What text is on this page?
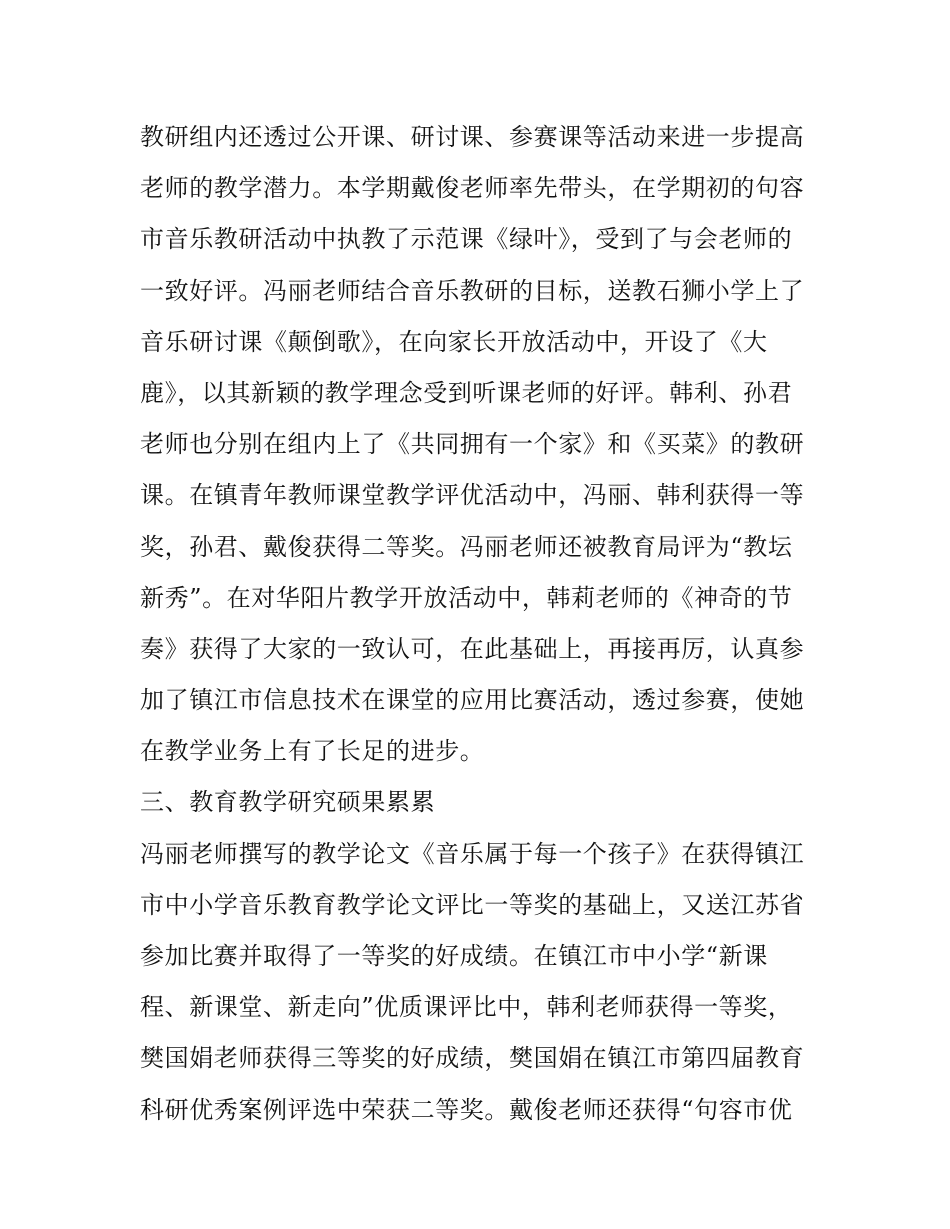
教研组内还透过公开课、研讨课、参赛课等活动来进一步提高
老师的教学潜力。本学期戴俊老师率先带头，在学期初的句容
市音乐教研活动中执教了示范课《绿叶》，受到了与会老师的
一致好评。冯丽老师结合音乐教研的目标，送教石狮小学上了
音乐研讨课《颠倒歌》，在向家长开放活动中，开设了《大
鹿》，以其新颖的教学理念受到听课老师的好评。韩利、孙君
老师也分别在组内上了《共同拥有一个家》和《买菜》的教研
课。在镇青年教师课堂教学评优活动中，冯丽、韩利获得一等
奖，孙君、戴俊获得二等奖。冯丽老师还被教育局评为“教坛
新秀”。在对华阳片教学开放活动中，韩莉老师的《神奇的节
奏》获得了大家的一致认可，在此基础上，再接再厉，认真参
加了镇江市信息技术在课堂的应用比赛活动，透过参赛，使她
在教学业务上有了长足的进步。
三、教育教学研究硕果累累
冯丽老师撰写的教学论文《音乐属于每一个孩子》在获得镇江
市中小学音乐教育教学论文评比一等奖的基础上，又送江苏省
参加比赛并取得了一等奖的好成绩。在镇江市中小学“新课
程、新课堂、新走向”优质课评比中，韩利老师获得一等奖，
樊国娟老师获得三等奖的好成绩，樊国娟在镇江市第四届教育
科研优秀案例评选中荣获二等奖。戴俊老师还获得“句容市优
